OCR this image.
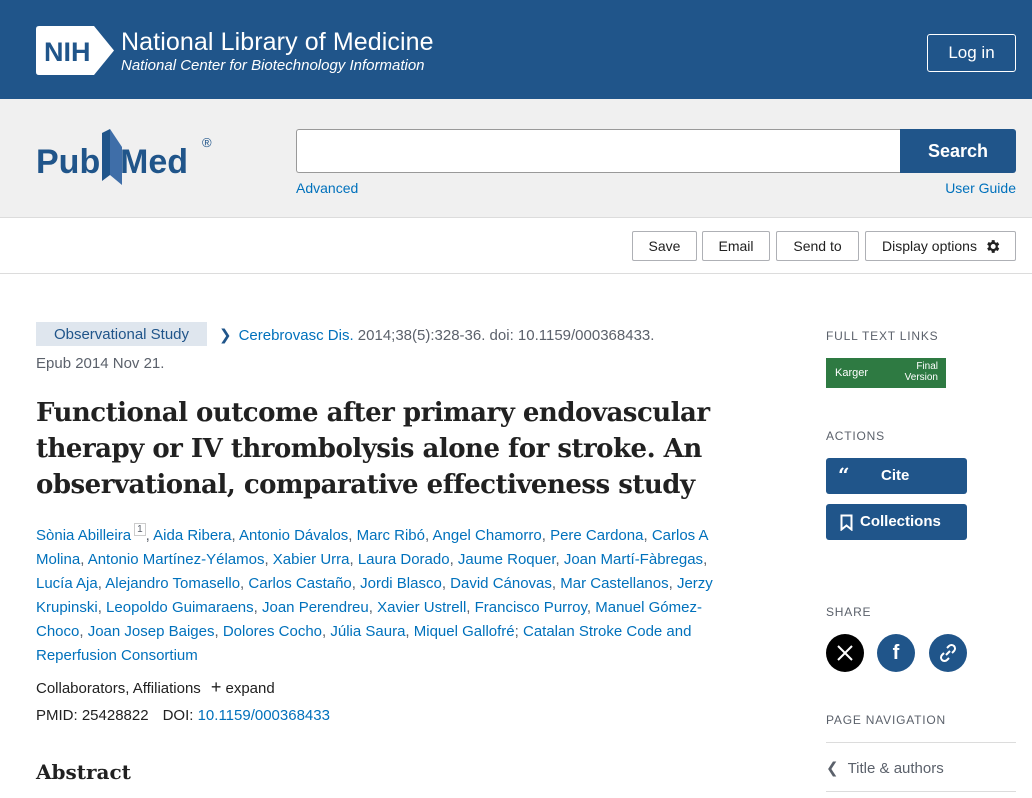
NIH National Library of Medicine
National Center for Biotechnology Information
Log in
Pub Med
®	Search
Advanced	User Guide
Save	Email	Send to	Display options
Observational Study	❯ Cerebrovasc Dis. 2014;38(5):328-36. doi: 10.1159/000368433.
Epub 2014 Nov 21.
Functional outcome after primary endovascular therapy or IV thrombolysis alone for stroke. An observational, comparative effectiveness study
Sònia Abilleira $^1$ , Aida Ribera, Antonio Dávalos, Marc Ribó, Angel Chamorro, Pere Cardona, Carlos A Molina, Antonio Martínez-Yélamos, Xabier Urra, Laura Dorado, Jaume Roquer, Joan Martí-Fàbregas, Lucía Aja, Alejandro Tomasello, Carlos Castaño, Jordi Blasco, David Cánovas, Mar Castellanos, Jerzy Krupinski, Leopoldo Guimaraens, Joan Perendreu, Xavier Ustrell, Francisco Purroy, Manuel Gómez-Choco, Joan Josep Baiges, Dolores Cocho, Júlia Saura, Miquel Gallofré; Catalan Stroke Code and Reperfusion Consortium
Collaborators, Affiliations + expand
PMID: 25428822 DOI: 10.1159/000368433
Abstract
FULL TEXT LINKS
Karger
Final
Version
ACTIONS
“ Cite
Collections
SHARE
f
PAGE NAVIGATION
❮ Title & authors
